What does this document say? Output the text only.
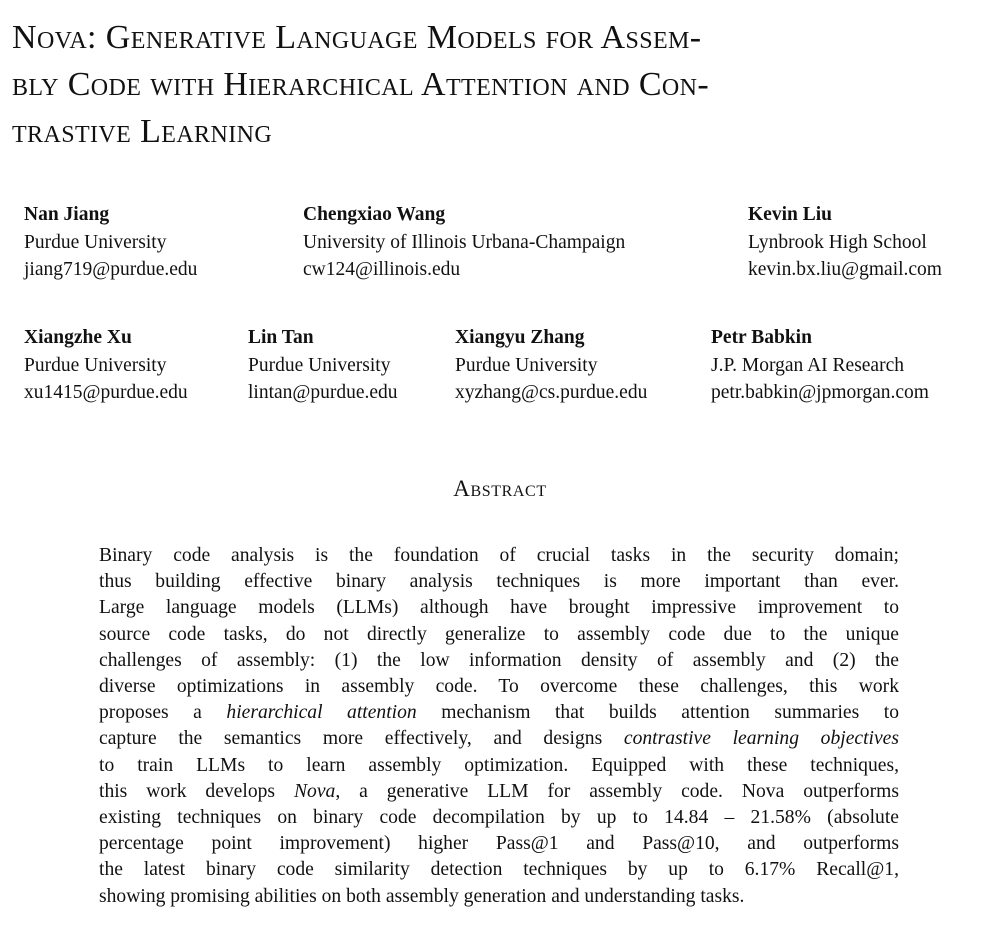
Nova: Generative Language Models for Assem-
bly Code with Hierarchical Attention and Con-
trastive Learning
Nan Jiang
Purdue University
jiang719@purdue.edu
Chengxiao Wang
University of Illinois Urbana-Champaign
cw124@illinois.edu
Kevin Liu
Lynbrook High School
kevin.bx.liu@gmail.com
Xiangzhe Xu
Purdue University
xu1415@purdue.edu
Lin Tan
Purdue University
lintan@purdue.edu
Xiangyu Zhang
Purdue University
xyzhang@cs.purdue.edu
Petr Babkin
J.P. Morgan AI Research
petr.babkin@jpmorgan.com
Abstract
Binary code analysis is the foundation of crucial tasks in the security domain;
thus building effective binary analysis techniques is more important than ever.
Large language models (LLMs) although have brought impressive improvement to
source code tasks, do not directly generalize to assembly code due to the unique
challenges of assembly: (1) the low information density of assembly and (2) the
diverse optimizations in assembly code. To overcome these challenges, this work
proposes a hierarchical attention mechanism that builds attention summaries to
capture the semantics more effectively, and designs contrastive learning objectives
to train LLMs to learn assembly optimization. Equipped with these techniques,
this work develops Nova, a generative LLM for assembly code. Nova outperforms
existing techniques on binary code decompilation by up to 14.84 – 21.58% (absolute
percentage point improvement) higher Pass@1 and Pass@10, and outperforms
the latest binary code similarity detection techniques by up to 6.17% Recall@1,
showing promising abilities on both assembly generation and understanding tasks.
